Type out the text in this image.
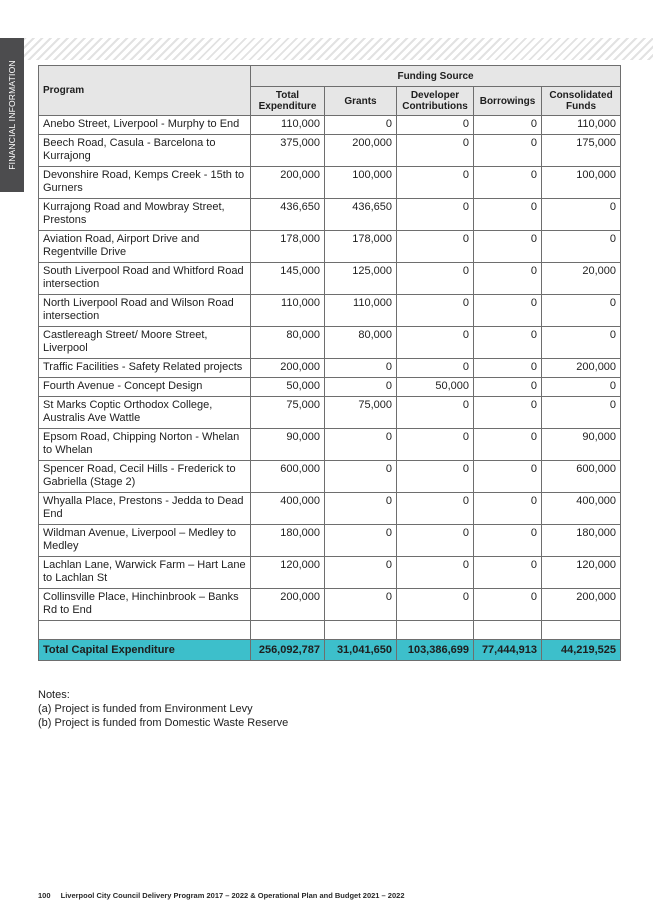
FINANCIAL INFORMATION	Program	Funding Source				
	Total Expenditure	Grants	Developer Contributions	Borrowings	Consolidated Funds
Anebo Street, Liverpool - Murphy to End	110,000	0	0	0	110,000
Beech Road, Casula - Barcelona to Kurrajong	375,000	200,000	0	0	175,000
Devonshire Road, Kemps Creek - 15th to Gurners	200,000	100,000	0	0	100,000
Kurrajong Road and Mowbray Street, Prestons	436,650	436,650	0	0	0
Aviation Road, Airport Drive and Regentville Drive	178,000	178,000	0	0	0
South Liverpool Road and Whitford Road intersection	145,000	125,000	0	0	20,000
North Liverpool Road and Wilson Road intersection	110,000	110,000	0	0	0
Castlereagh Street/ Moore Street, Liverpool	80,000	80,000	0	0	0
Traffic Facilities - Safety Related projects	200,000	0	0	0	200,000
Fourth Avenue - Concept Design	50,000	0	50,000	0	0
St Marks Coptic Orthodox College, Australis Ave Wattle	75,000	75,000	0	0	0
Epsom Road, Chipping Norton - Whelan to Whelan	90,000	0	0	0	90,000
Spencer Road, Cecil Hills - Frederick to Gabriella (Stage 2)	600,000	0	0	0	600,000
Whyalla Place, Prestons - Jedda to Dead End	400,000	0	0	0	400,000
Wildman Avenue, Liverpool – Medley to Medley	180,000	0	0	0	180,000
Lachlan Lane, Warwick Farm – Hart Lane to Lachlan St	120,000	0	0	0	120,000
Collinsville Place, Hinchinbrook – Banks Rd to End	200,000	0	0	0	200,000

Total Capital Expenditure	256,092,787	31,041,650	103,386,699	77,444,913	44,219,525
Notes:
(a) Project is funded from Environment Levy
(b) Project is funded from Domestic Waste Reserve
100 Liverpool City Council Delivery Program 2017 – 2022 & Operational Plan and Budget 2021 – 2022
